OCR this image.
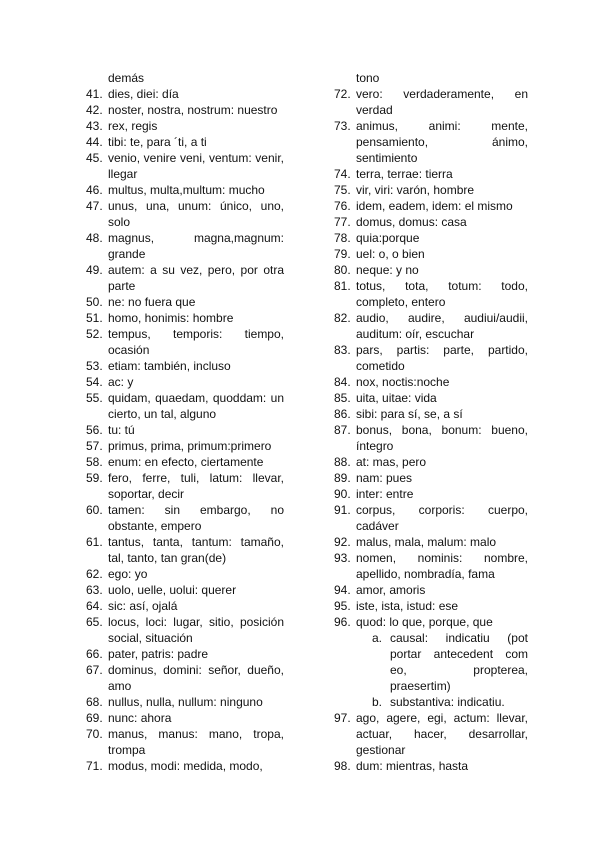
demás
41. dies, diei: día
42. noster, nostra, nostrum: nuestro
43. rex, regis
44. tibi: te, para ´ti, a ti
45. venio, venire veni, ventum: venir, llegar
46. multus, multa,multum: mucho
47. unus, una, unum: único, uno, solo
48. magnus, magna,magnum: grande
49. autem: a su vez, pero, por otra parte
50. ne: no fuera que
51. homo, honimis: hombre
52. tempus, temporis: tiempo, ocasión
53. etiam: también, incluso
54. ac: y
55. quidam, quaedam, quoddam: un cierto, un tal, alguno
56. tu: tú
57. primus, prima, primum:primero
58. enum: en efecto, ciertamente
59. fero, ferre, tuli, latum: llevar, soportar, decir
60. tamen: sin embargo, no obstante, empero
61. tantus, tanta, tantum: tamaño, tal, tanto, tan gran(de)
62. ego: yo
63. uolo, uelle, uolui: querer
64. sic: así, ojalá
65. locus, loci: lugar, sitio, posición social, situación
66. pater, patris: padre
67. dominus, domini: señor, dueño, amo
68. nullus, nulla, nullum: ninguno
69. nunc: ahora
70. manus, manus: mano, tropa, trompa
71. modus, modi: medida, modo,
tono
72. vero: verdaderamente, en verdad
73. animus, animi: mente, pensamiento, ánimo, sentimiento
74. terra, terrae: tierra
75. vir, viri: varón, hombre
76. idem, eadem, idem: el mismo
77. domus, domus: casa
78. quia:porque
79. uel: o, o bien
80. neque: y no
81. totus, tota, totum: todo, completo, entero
82. audio, audire, audiui/audii, auditum: oír, escuchar
83. pars, partis: parte, partido, cometido
84. nox, noctis:noche
85. uita, uitae: vida
86. sibi: para sí, se, a sí
87. bonus, bona, bonum: bueno, íntegro
88. at: mas, pero
89. nam: pues
90. inter: entre
91. corpus, corporis: cuerpo, cadáver
92. malus, mala, malum: malo
93. nomen, nominis: nombre, apellido, nombradía, fama
94. amor, amoris
95. iste, ista, istud: ese
96. quod: lo que, porque, que
a. causal: indicatiu (pot portar antecedent com eo, propterea, praesertim)
b. substantiva: indicatiu.
97. ago, agere, egi, actum: llevar, actuar, hacer, desarrollar, gestionar
98. dum: mientras, hasta
